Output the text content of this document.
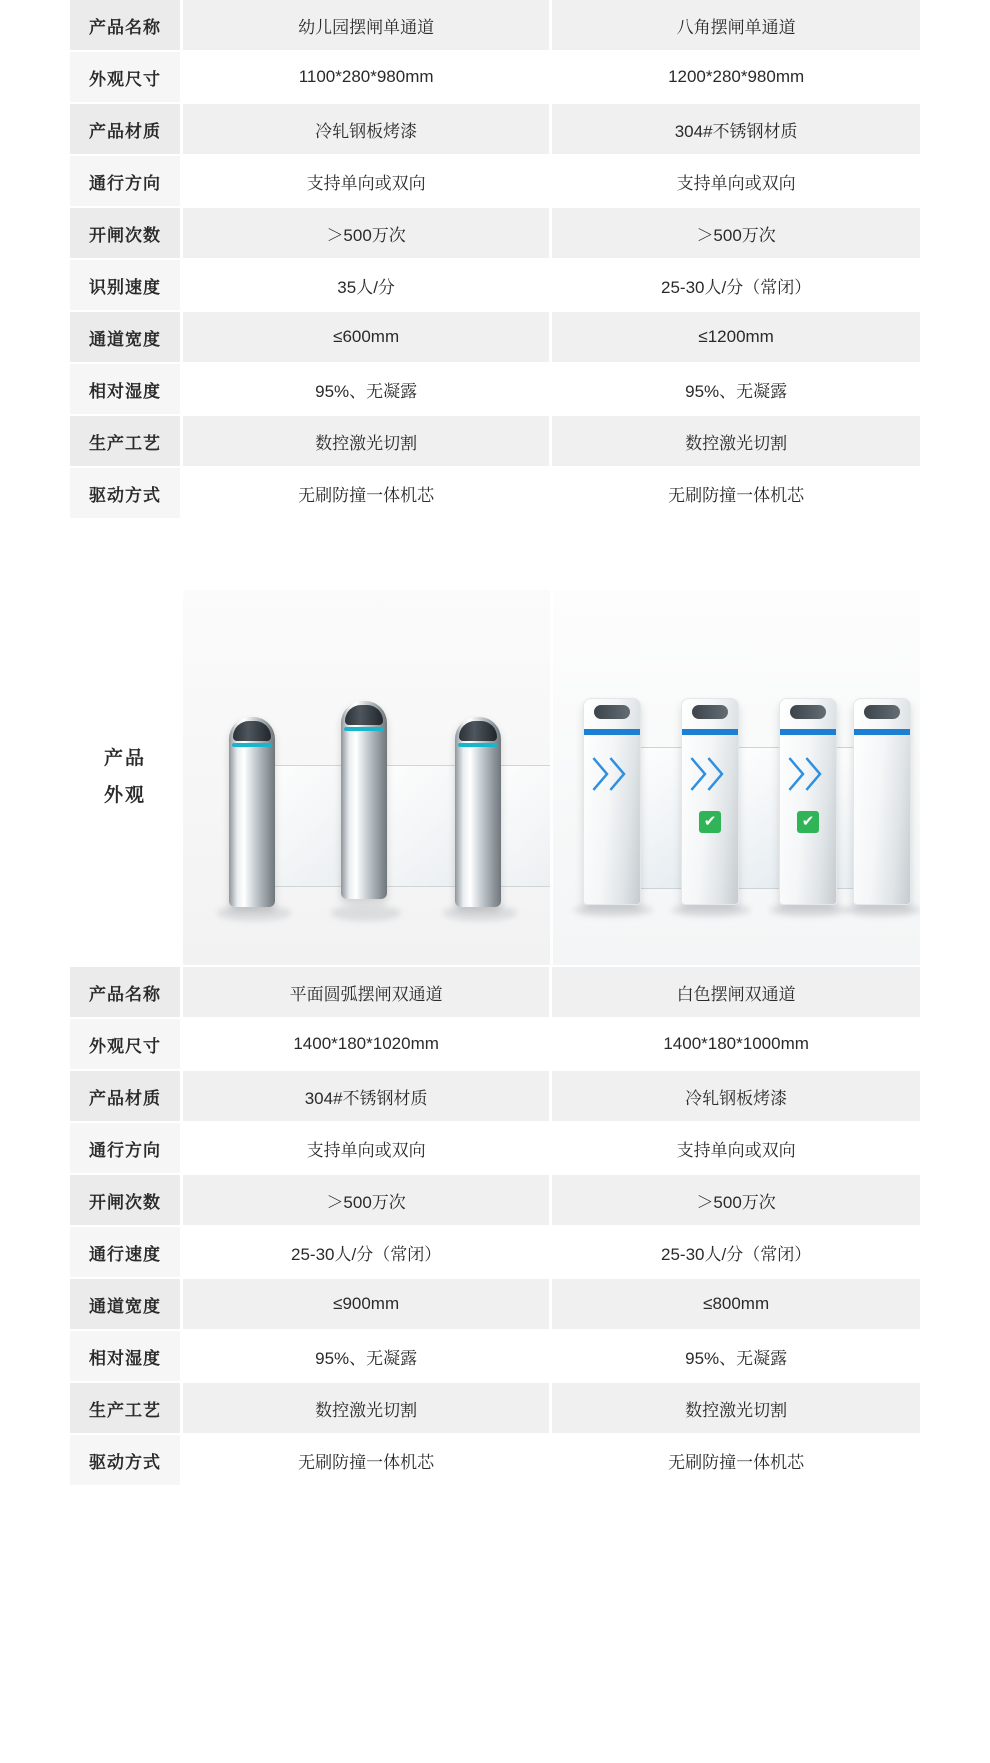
产品名称	幼儿园摆闸单通道	八角摆闸单通道
外观尺寸	1100*280*980mm	1200*280*980mm
产品材质	冷轧钢板烤漆	304#不锈钢材质
通行方向	支持单向或双向	支持单向或双向
开闸次数	＞500万次	＞500万次
识别速度	35人/分	25-30人/分（常闭）
通道宽度	≤600mm	≤1200mm
相对湿度	95%、无凝露	95%、无凝露
生产工艺	数控激光切割	数控激光切割
驱动方式	无刷防撞一体机芯	无刷防撞一体机芯
产品
外观	〉〉 〉〉
✔
〉〉
✔
产品名称	平面圆弧摆闸双通道	白色摆闸双通道
外观尺寸	1400*180*1020mm	1400*180*1000mm
产品材质	304#不锈钢材质	冷轧钢板烤漆
通行方向	支持单向或双向	支持单向或双向
开闸次数	＞500万次	＞500万次
通行速度	25-30人/分（常闭）	25-30人/分（常闭）
通道宽度	≤900mm	≤800mm
相对湿度	95%、无凝露	95%、无凝露
生产工艺	数控激光切割	数控激光切割
驱动方式	无刷防撞一体机芯	无刷防撞一体机芯
